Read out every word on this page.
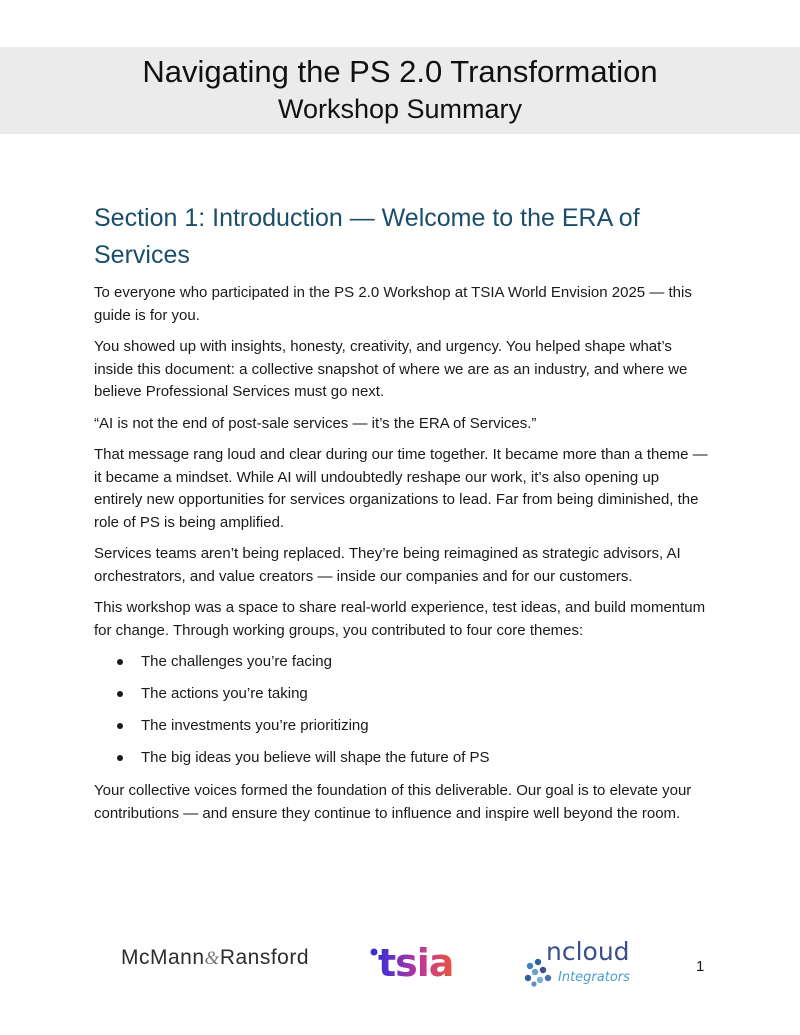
Navigating the PS 2.0 Transformation
Workshop Summary
Section 1: Introduction — Welcome to the ERA of
Services

To everyone who participated in the PS 2.0 Workshop at TSIA World Envision 2025 — this guide is for you.

You showed up with insights, honesty, creativity, and urgency. You helped shape what’s inside this document: a collective snapshot of where we are as an industry, and where we believe Professional Services must go next.

“AI is not the end of post-sale services — it’s the ERA of Services.”

That message rang loud and clear during our time together. It became more than a theme — it became a mindset. While AI will undoubtedly reshape our work, it’s also opening up entirely new opportunities for services organizations to lead. Far from being diminished, the role of PS is being amplified.

Services teams aren’t being replaced. They’re being reimagined as strategic advisors, AI orchestrators, and value creators — inside our companies and for our customers.

This workshop was a space to share real-world experience, test ideas, and build momentum for change. Through working groups, you contributed to four core themes:

The challenges you’re facing
The actions you’re taking
The investments you’re prioritizing
The big ideas you believe will shape the future of PS

Your collective voices formed the foundation of this deliverable. Our goal is to elevate your contributions — and ensure they continue to influence and inspire well beyond the room.

McMann&Ransford tsia	ncloud
Integrators
1
